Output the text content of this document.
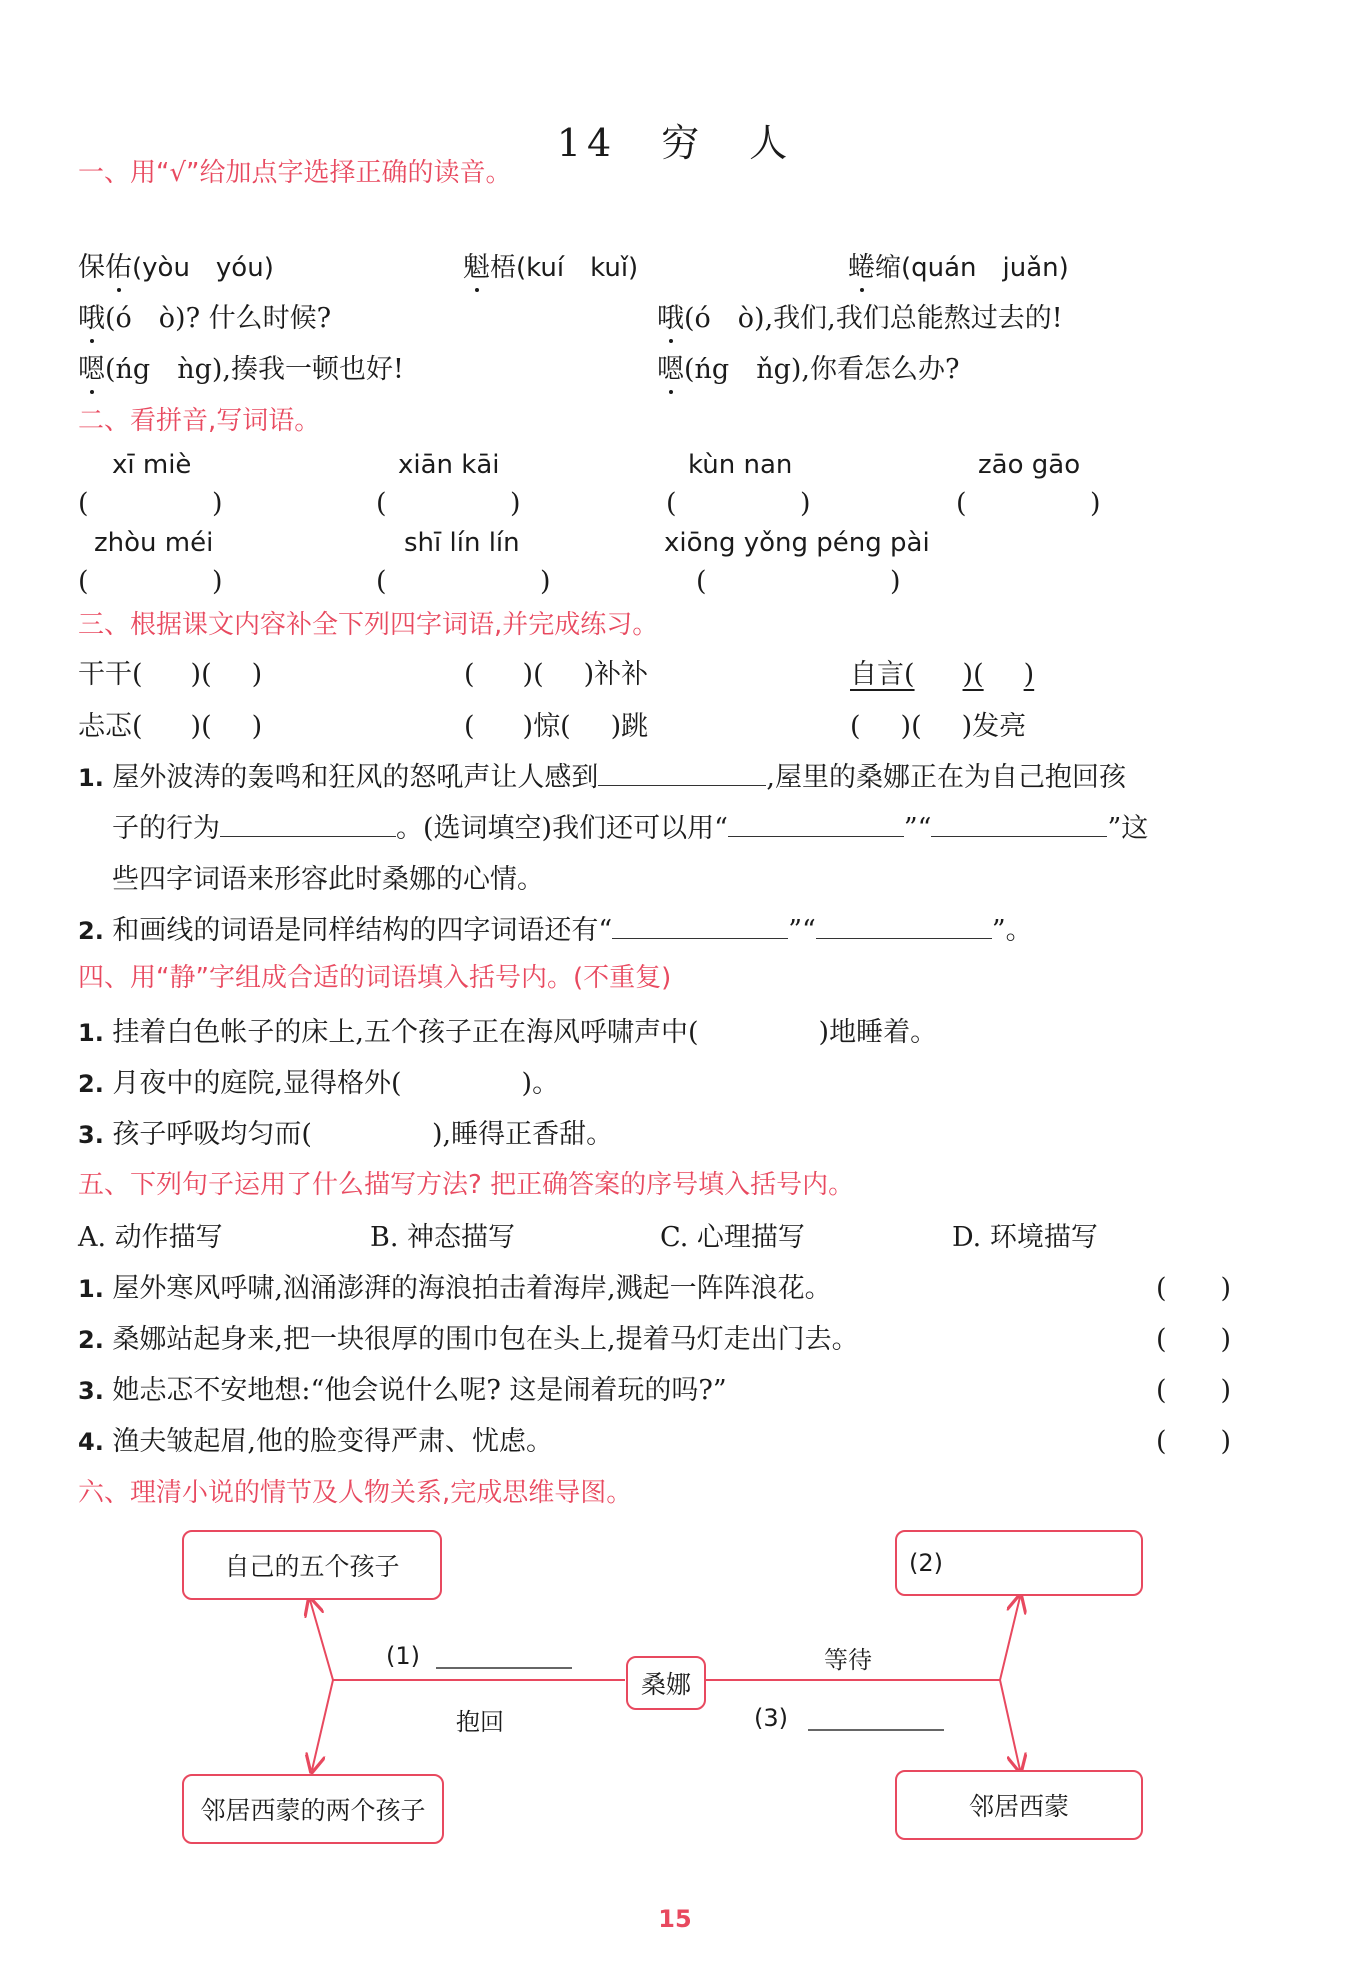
14　穷　人
一、用“√”给加点字选择正确的读音。
保佑(yòu　yóu)	魁梧(kuí　kuǐ)	蜷缩(quán　juǎn)
哦(ó　ò)? 什么时候?	哦(ó　ò),我们,我们总能熬过去的!
嗯(ńg　ǹg),揍我一顿也好!	嗯(ńg　ňg),你看怎么办?
二、看拼音,写词语。
xī miè	xiān kāi	kùn nan	zāo gāo
(	)	(	)	(	)	(	)
zhòu méi	shī lín lín	xiōng yǒng péng pài
(	)	(	)	(	)
三、根据课文内容补全下列四字词语,并完成练习。
干干( )( )	( )( )补补	自言( )( )
忐忑( )( )	( )惊( )跳	( )( )发亮
1. 屋外波涛的轰鸣和狂风的怒吼声让人感到	,屋里的桑娜正在为自己抱回孩
子的行为	。(选词填空)我们还可以用“	”“	”这
些四字词语来形容此时桑娜的心情。
2. 和画线的词语是同样结构的四字词语还有“	”“	”。
四、用“静”字组成合适的词语填入括号内。(不重复)
1. 挂着白色帐子的床上,五个孩子正在海风呼啸声中(	)地睡着。
2. 月夜中的庭院,显得格外(	)。
3. 孩子呼吸均匀而(	),睡得正香甜。
五、下列句子运用了什么描写方法? 把正确答案的序号填入括号内。
A. 动作描写	B. 神态描写	C. 心理描写	D. 环境描写
1. 屋外寒风呼啸,汹涌澎湃的海浪拍击着海岸,溅起一阵阵浪花。	(　　)
2. 桑娜站起身来,把一块很厚的围巾包在头上,提着马灯走出门去。	(　　)
3. 她忐忑不安地想:“他会说什么呢? 这是闹着玩的吗?”	(　　)
4. 渔夫皱起眉,他的脸变得严肃、忧虑。	(　　)
六、理清小说的情节及人物关系,完成思维导图。
自己的五个孩子	(2)
桑娜
邻居西蒙的两个孩子	邻居西蒙
(1)
(3)
抱回
等待
15
